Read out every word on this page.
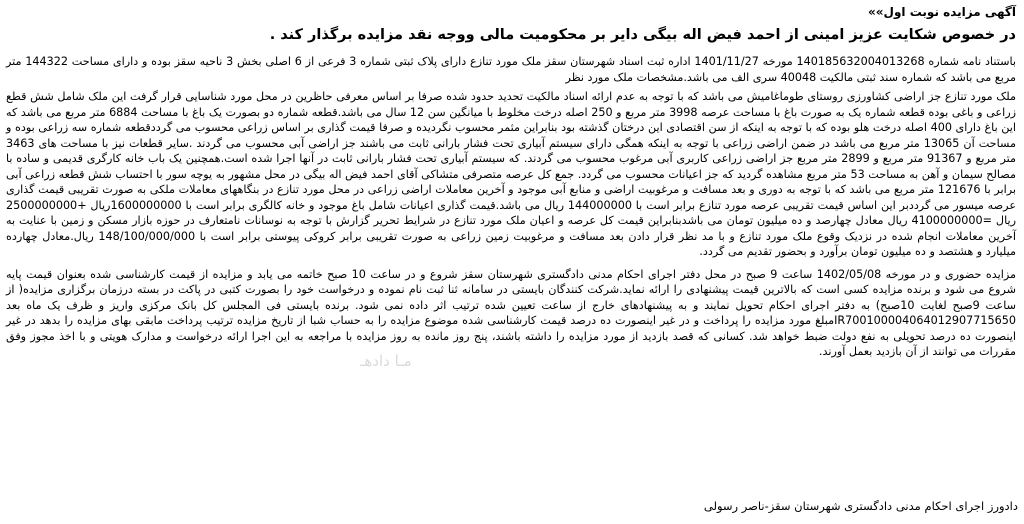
آگهی مزایده نوبت اول»»

در خصوص شکایت عزیز امینی از احمد فیض اله بیگی دایر بر محکومیت مالی ووجه نقد مزایده برگذار کند .

باستناد نامه شماره 140185632004013268 مورخه 1401/11/27 اداره ثبت اسناد شهرستان سقز ملک مورد تنازع دارای پلاک ثبتی شماره 3 فرعی از 6 اصلی بخش 3 ناحیه سقز بوده و دارای مساحت 144322 متر مربع می باشد که شماره سند ثبتی مالکیت 40048 سری الف می باشد.مشخصات ملک مورد نظر

ملک مورد تنازع جز اراضی کشاورزی روستای طوماغامیش می باشد که با توجه به عدم ارائه اسناد مالکیت تحدید حدود شده صرفا بر اساس معرفی حاظرین در محل مورد شناسایی قرار گرفت این ملک شامل شش قطع زراعی و باغی بوده قطعه شماره یک به صورت باغ با مساحت عرصه 3998 متر مربع و 250 اصله درخت مخلوط با میانگین سن 12 سال می باشد.قطعه شماره دو بصورت یک باغ با مساحت 6884 متر مربع می باشد که این باغ دارای 400 اصله درخت هلو بوده که با توجه به اینکه از سن اقتصادی این درختان گذشته بود بنابراین مثمر محسوب نگردیده و صرفا قیمت گذاری بر اساس زراعی محسوب می گرددقطعه شماره سه زراعی بوده و مساحت آن 13065 متر مربع می باشد در ضمن اراضی زراعی با توجه به اینکه همگی دارای سیستم آبیاری تحت فشار بارانی ثابت می باشند جز اراضی آبی محسوب می گردند .سایر قطعات نیز با مساحت های 3463 متر مربع و 91367 متر مربع و 2899 متر مربع جز اراضی زراعی کاربری آبی مرغوب محسوب می گردند. که سیستم آبیاری تحت فشار بارانی ثابت در آنها اجرا شده است.همچنین یک باب خانه کارگری قدیمی و ساده با مصالح سیمان و آهن به مساحت 53 متر مربع مشاهده گردید که جز اعیانات محسوب می گردد. جمع کل عرصه متصرفی متشاکی آقای احمد فیض اله بیگی در محل مشهور به یوچه سور با احتساب شش قطعه زراعی آبی برابر با 121676 متر مربع می باشد که با توجه به دوری و بعد مسافت و مرغوبیت اراضی و منابع آبی موجود و آخرین معاملات اراضی زراعی در محل مورد تنازع در بنگاههای معاملات ملکی به صورت تقریبی قیمت گذاری عرصه میسور می گرددبر این اساس قیمت تقریبی عرصه مورد تنازع برابر است با 144000000 ریال می باشد.قیمت گذاری اعیانات شامل باغ موجود و خانه کالگری برابر است با 1600000000ریال +2500000000 ریال =4100000000 ریال معادل چهارصد و ده میلیون تومان می باشدبنابراین قیمت کل عرصه و اعیان ملک مورد تنازع در شرایط تحریر گزارش با توجه به نوسانات نامتعارف در حوزه بازار مسکن و زمین با عنایت به آخرین معاملات انجام شده در نزدیک وقوع ملک مورد تنازع و با مد نظر قرار دادن بعد مسافت و مرغوبیت زمین زراعی به صورت تقریبی برابر کروکی پیوستی برابر است با 148/100/000/000 ریال.معادل چهارده میلیارد و هشتصد و ده میلیون تومان برآورد و بحضور تقدیم می گردد.

مزایده حضوری و در مورخه 1402/05/08 ساعت 9 صبح در محل دفتر اجرای احکام مدنی دادگستری شهرستان سقز شروع و در ساعت 10 صبح خاتمه می یابد و مزایده از قیمت کارشناسی شده بعنوان قیمت پایه شروع می شود و برنده مزایده کسی است که بالاترین قیمت پیشنهادی را ارائه نماید.شرکت کنندگان بایستی در سامانه ثنا ثبت نام نموده و درخواست خود را بصورت کتبی در پاکت در بسته درزمان برگزاری مزایده( از ساعت 9صبح لغایت 10صبح) به دفتر اجرای احکام تحویل نمایند و به پیشنهادهای خارج از ساعت تعیین شده ترتیب اثر داده نمی شود. برنده بایستی فی المجلس کل بانک مرکزی واریز و ظرف یک ماه بعد IR700100004064012907715650مبلغ مورد مزایده را پرداخت و در غیر اینصورت ده درصد قیمت کارشناسی شده موضوع مزایده را به حساب شبا از تاریخ مزایده ترتیب پرداخت مابقی بهای مزایده را بدهد در غیر اینصورت ده درصد تحویلی به نفع دولت ضبط خواهد شد. کسانی که قصد بازدید از مورد مزایده را داشته باشند، پنج روز مانده به روز مزایده با مراجعه به این اجرا ارائه درخواست و مدارک هویتی و با اخذ مجوز وفق مقررات می توانند از آن بازدید بعمل آورند.

مـا دادهـ

دادورز اجرای احکام مدنی دادگستری شهرستان سقز-ناصر رسولی
